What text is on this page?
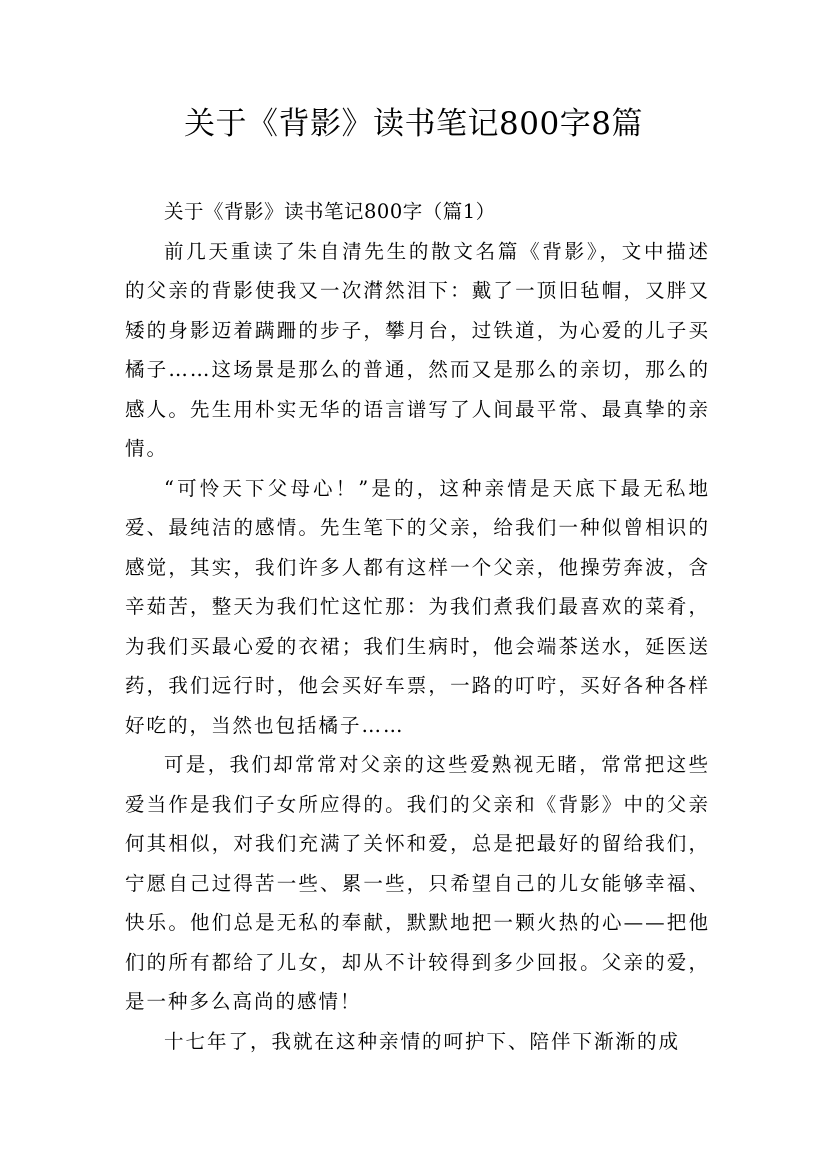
关于《背影》读书笔记800字8篇

关于《背影》读书笔记800字（篇1）

前几天重读了朱自清先生的散文名篇《背影》，文中描述的父亲的背影使我又一次潸然泪下：戴了一顶旧毡帽，又胖又矮的身影迈着蹒跚的步子，攀月台，过铁道，为心爱的儿子买橘子……这场景是那么的普通，然而又是那么的亲切，那么的感人。先生用朴实无华的语言谱写了人间最平常、最真挚的亲情。

“可怜天下父母心！”是的，这种亲情是天底下最无私地爱、最纯洁的感情。先生笔下的父亲，给我们一种似曾相识的感觉，其实，我们许多人都有这样一个父亲，他操劳奔波，含辛茹苦，整天为我们忙这忙那：为我们煮我们最喜欢的菜肴，为我们买最心爱的衣裙；我们生病时，他会端茶送水，延医送药，我们远行时，他会买好车票，一路的叮咛，买好各种各样好吃的，当然也包括橘子……

可是，我们却常常对父亲的这些爱熟视无睹，常常把这些爱当作是我们子女所应得的。我们的父亲和《背影》中的父亲何其相似，对我们充满了关怀和爱，总是把最好的留给我们，宁愿自己过得苦一些、累一些，只希望自己的儿女能够幸福、快乐。他们总是无私的奉献，默默地把一颗火热的心——把他们的所有都给了儿女，却从不计较得到多少回报。父亲的爱，是一种多么高尚的感情！

十七年了，我就在这种亲情的呵护下、陪伴下渐渐的成
